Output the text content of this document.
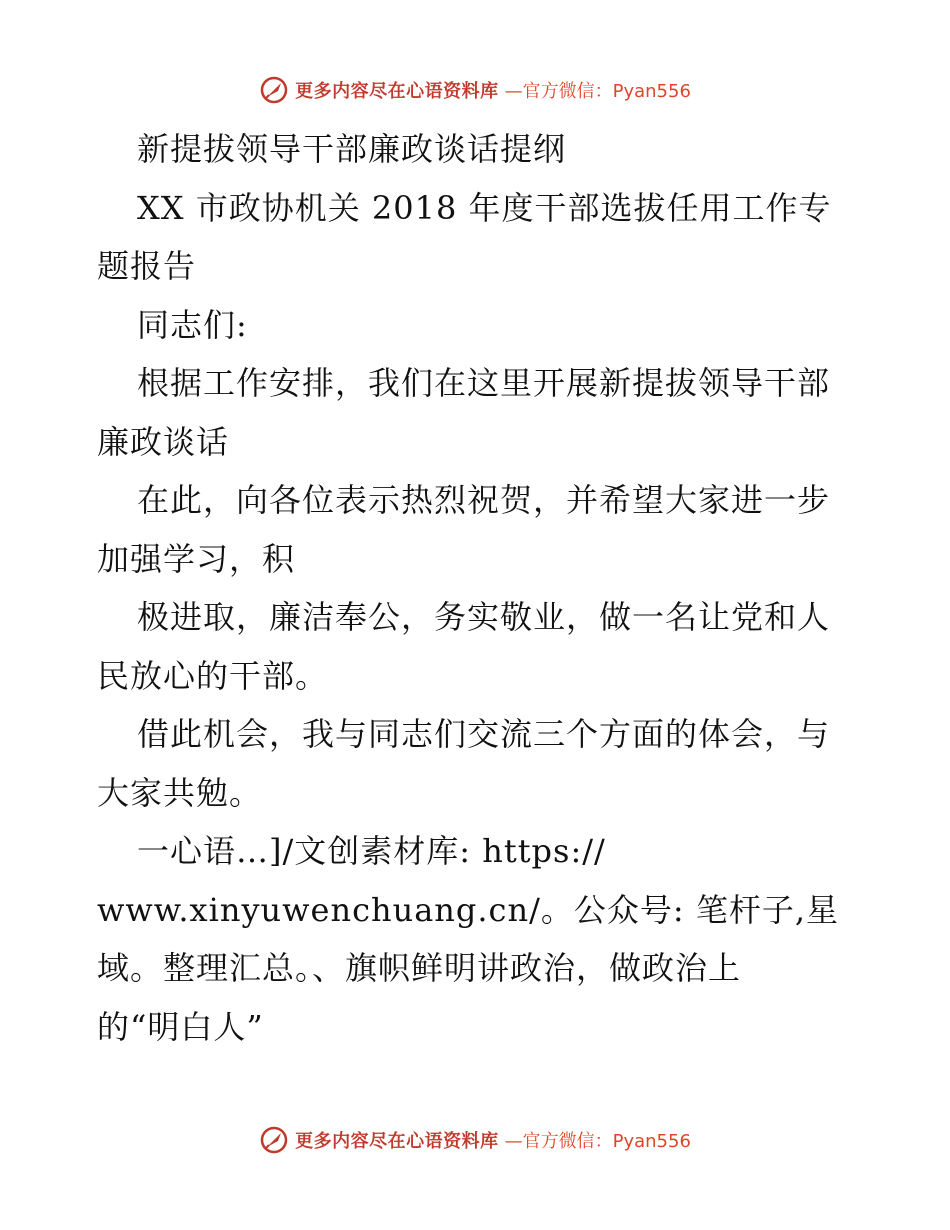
更多内容尽在心语资料库 —官方微信：Pyan556
新提拔领导干部廉政谈话提纲
XX 市政协机关 2018 年度干部选拔任用工作专
题报告
同志们:
根据工作安排，我们在这里开展新提拔领导干部
廉政谈话
在此，向各位表示热烈祝贺，并希望大家进一步
加强学习，积
极进取，廉洁奉公，务实敬业，做一名让党和人
民放心的干部。
借此机会，我与同志们交流三个方面的体会，与
大家共勉。
一心语…]/文创素材库: https://
www.xinyuwenchuang.cn/。公众号: 笔杆子,星
域。整理汇总。、旗帜鲜明讲政治，做政治上
的“明白人”
更多内容尽在心语资料库 —官方微信：Pyan556
